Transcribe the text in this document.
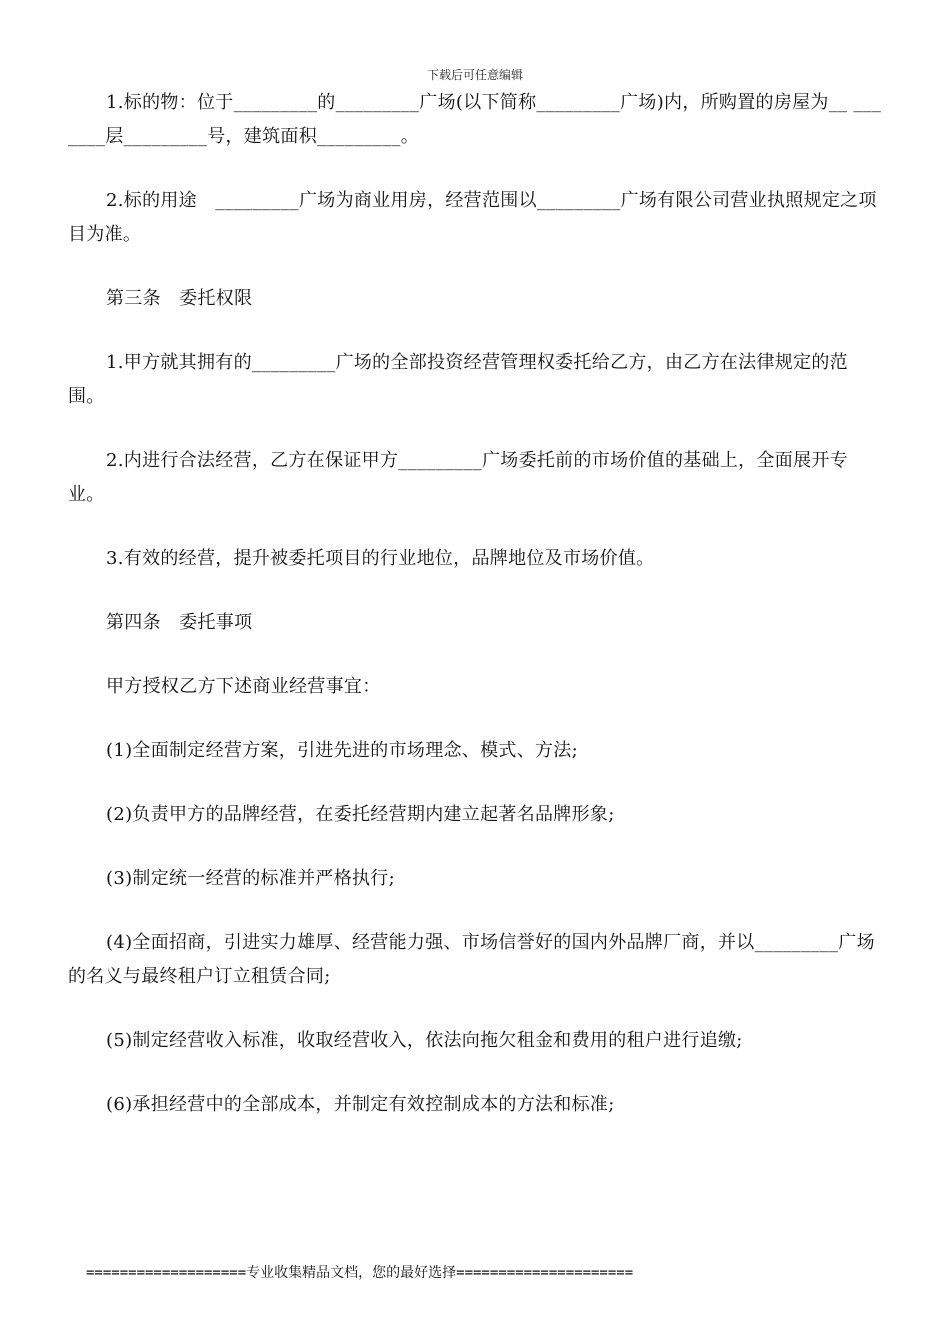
下载后可任意编辑

1.标的物：位于_________的_________广场(以下简称_________广场)内，所购置的房屋为__ _______层_________号，建筑面积_________。

2.标的用途　_________广场为商业用房，经营范围以_________广场有限公司营业执照规定之项目为准。

第三条　委托权限

1.甲方就其拥有的_________广场的全部投资经营管理权委托给乙方，由乙方在法律规定的范围。

2.内进行合法经营，乙方在保证甲方_________广场委托前的市场价值的基础上，全面展开专业。

3.有效的经营，提升被委托项目的行业地位，品牌地位及市场价值。

第四条　委托事项

甲方授权乙方下述商业经营事宜：

(1)全面制定经营方案，引进先进的市场理念、模式、方法;

(2)负责甲方的品牌经营，在委托经营期内建立起著名品牌形象;

(3)制定统一经营的标准并严格执行;

(4)全面招商，引进实力雄厚、经营能力强、市场信誉好的国内外品牌厂商，并以_________广场的名义与最终租户订立租赁合同;

(5)制定经营收入标准，收取经营收入，依法向拖欠租金和费用的租户进行追缴;

(6)承担经营中的全部成本，并制定有效控制成本的方法和标准;

===================专业收集精品文档，您的最好选择=====================
